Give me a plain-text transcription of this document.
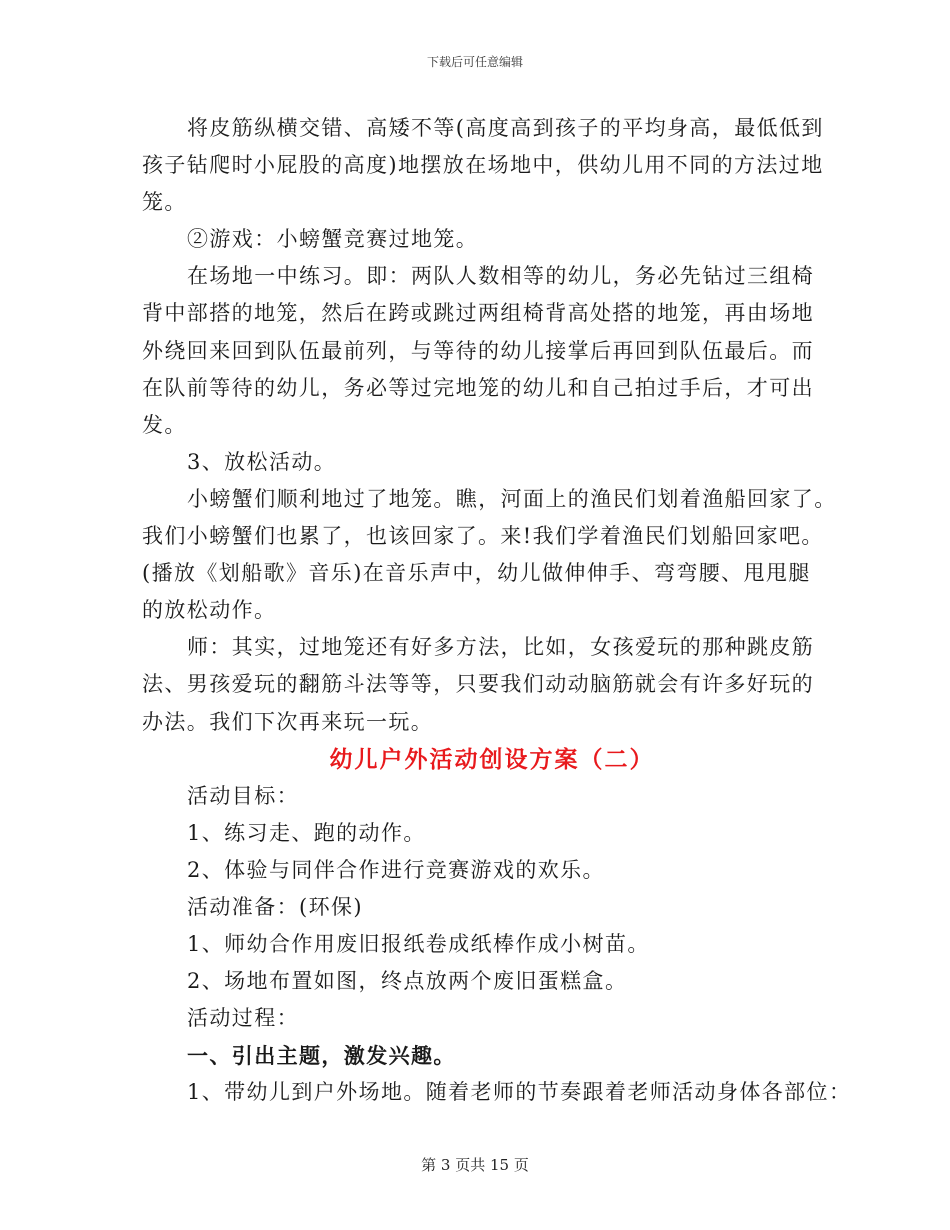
下载后可任意编辑
将皮筋纵横交错、高矮不等(高度高到孩子的平均身高，最低低到
孩子钻爬时小屁股的高度)地摆放在场地中，供幼儿用不同的方法过地
笼。
②游戏：小螃蟹竞赛过地笼。
在场地一中练习。即：两队人数相等的幼儿，务必先钻过三组椅
背中部搭的地笼，然后在跨或跳过两组椅背高处搭的地笼，再由场地
外绕回来回到队伍最前列，与等待的幼儿接掌后再回到队伍最后。而
在队前等待的幼儿，务必等过完地笼的幼儿和自己拍过手后，才可出
发。
3、放松活动。
小螃蟹们顺利地过了地笼。瞧，河面上的渔民们划着渔船回家了。
我们小螃蟹们也累了，也该回家了。来!我们学着渔民们划船回家吧。
(播放《划船歌》音乐)在音乐声中，幼儿做伸伸手、弯弯腰、甩甩腿
的放松动作。
师：其实，过地笼还有好多方法，比如，女孩爱玩的那种跳皮筋
法、男孩爱玩的翻筋斗法等等，只要我们动动脑筋就会有许多好玩的
办法。我们下次再来玩一玩。
幼儿户外活动创设方案（二）
活动目标：
1、练习走、跑的动作。
2、体验与同伴合作进行竞赛游戏的欢乐。
活动准备：(环保)
1、师幼合作用废旧报纸卷成纸棒作成小树苗。
2、场地布置如图，终点放两个废旧蛋糕盒。
活动过程：
一、引出主题，激发兴趣。
1、带幼儿到户外场地。随着老师的节奏跟着老师活动身体各部位：
第 3 页共 15 页
